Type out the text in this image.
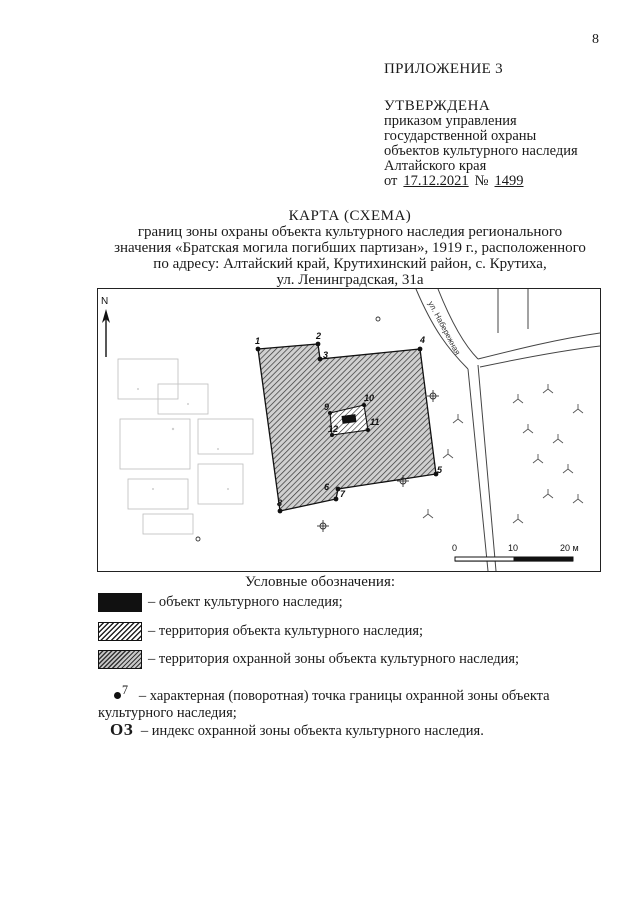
8
ПРИЛОЖЕНИЕ 3
УТВЕРЖДЕНА
приказом управления
государственной охраны
объектов культурного наследия
Алтайского края
от 17.12.2021 № 1499
КАРТА (СХЕМА)
границ зоны охраны объекта культурного наследия регионального
значения «Братская могила погибших партизан», 1919 г., расположенного
по адресу: Алтайский край, Крутихинский район, с. Крутиха,
ул. Ленинградская, 31а
ул. Набережная
1	2
3
4
5
6
7
8
9
10
11
12
N
0	10	20 м
Условные обозначения:
– объект культурного наследия;
– территория объекта культурного наследия;
– территория охранной зоны объекта культурного наследия;
$^7$ – характерная (поворотная) точка границы охранной зоны объекта
культурного наследия;
ОЗ – индекс охранной зоны объекта культурного наследия.
